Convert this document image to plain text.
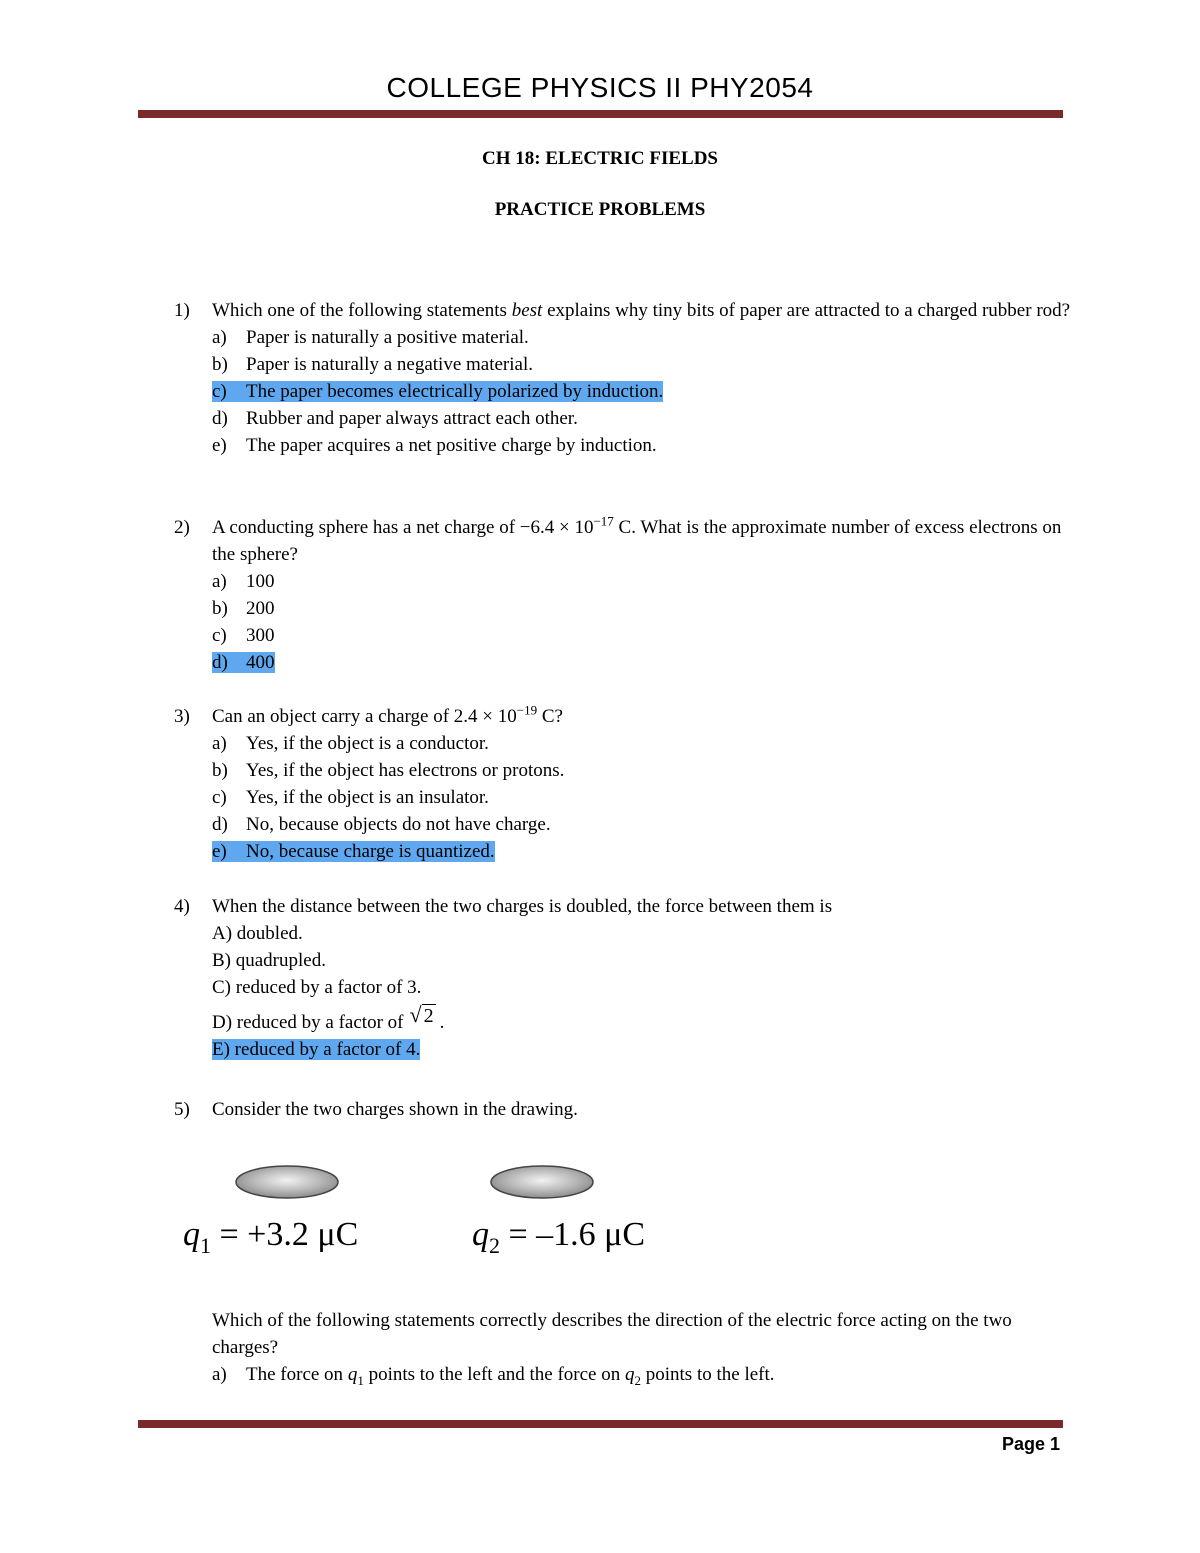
COLLEGE PHYSICS II PHY2054
CH 18: ELECTRIC FIELDS
PRACTICE PROBLEMS
1) Which one of the following statements best explains why tiny bits of paper are attracted to a charged rubber rod?
a) Paper is naturally a positive material.
b) Paper is naturally a negative material.
c) The paper becomes electrically polarized by induction.
d) Rubber and paper always attract each other.
e) The paper acquires a net positive charge by induction.
2) A conducting sphere has a net charge of $-6.4 \times 10^{-17}$ C. What is the approximate number of excess electrons on the sphere?
a) 100
b) 200
c) 300
d) 400
3) Can an object carry a charge of $2.4 \times 10^{-19}$ C?
a) Yes, if the object is a conductor.
b) Yes, if the object has electrons or protons.
c) Yes, if the object is an insulator.
d) No, because objects do not have charge.
e) No, because charge is quantized.
4) When the distance between the two charges is doubled, the force between them is
A) doubled.
B) quadrupled.
C) reduced by a factor of 3.
D) reduced by a factor of √ 2 .
E) reduced by a factor of 4.
5) Consider the two charges shown in the drawing.
$q_1 = +3.2$ μC	$q_2 = -1.6$ μC
Which of the following statements correctly describes the direction of the electric force acting on the two charges?
a) The force on $q_1$ points to the left and the force on $q_2$ points to the left.
Page 1
